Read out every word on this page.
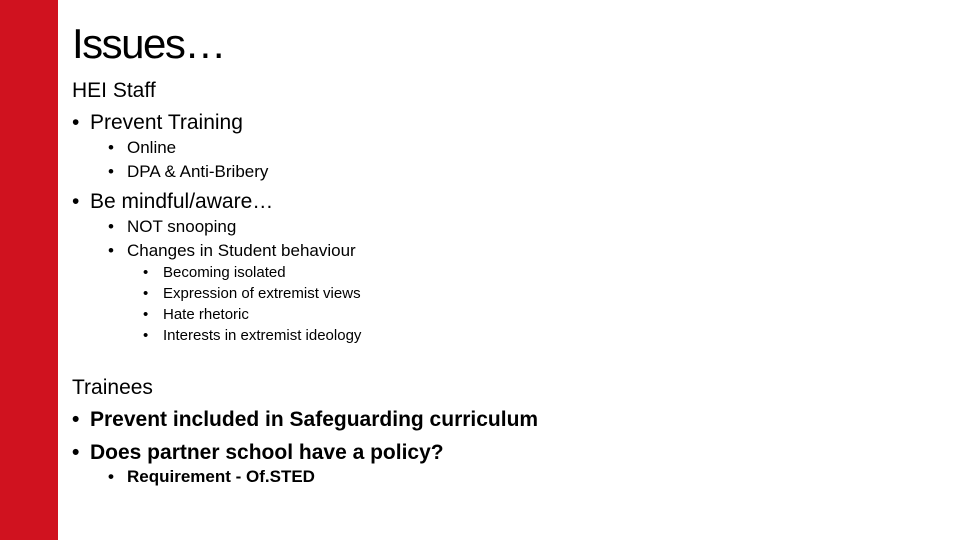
Issues…
HEI Staff
• Prevent Training
• Online
• DPA & Anti-Bribery
• Be mindful/aware…
• NOT snooping
• Changes in Student behaviour
• Becoming isolated
• Expression of extremist views
• Hate rhetoric
• Interests in extremist ideology
Trainees
• Prevent included in Safeguarding curriculum
• Does partner school have a policy?
• Requirement - Of.STED
